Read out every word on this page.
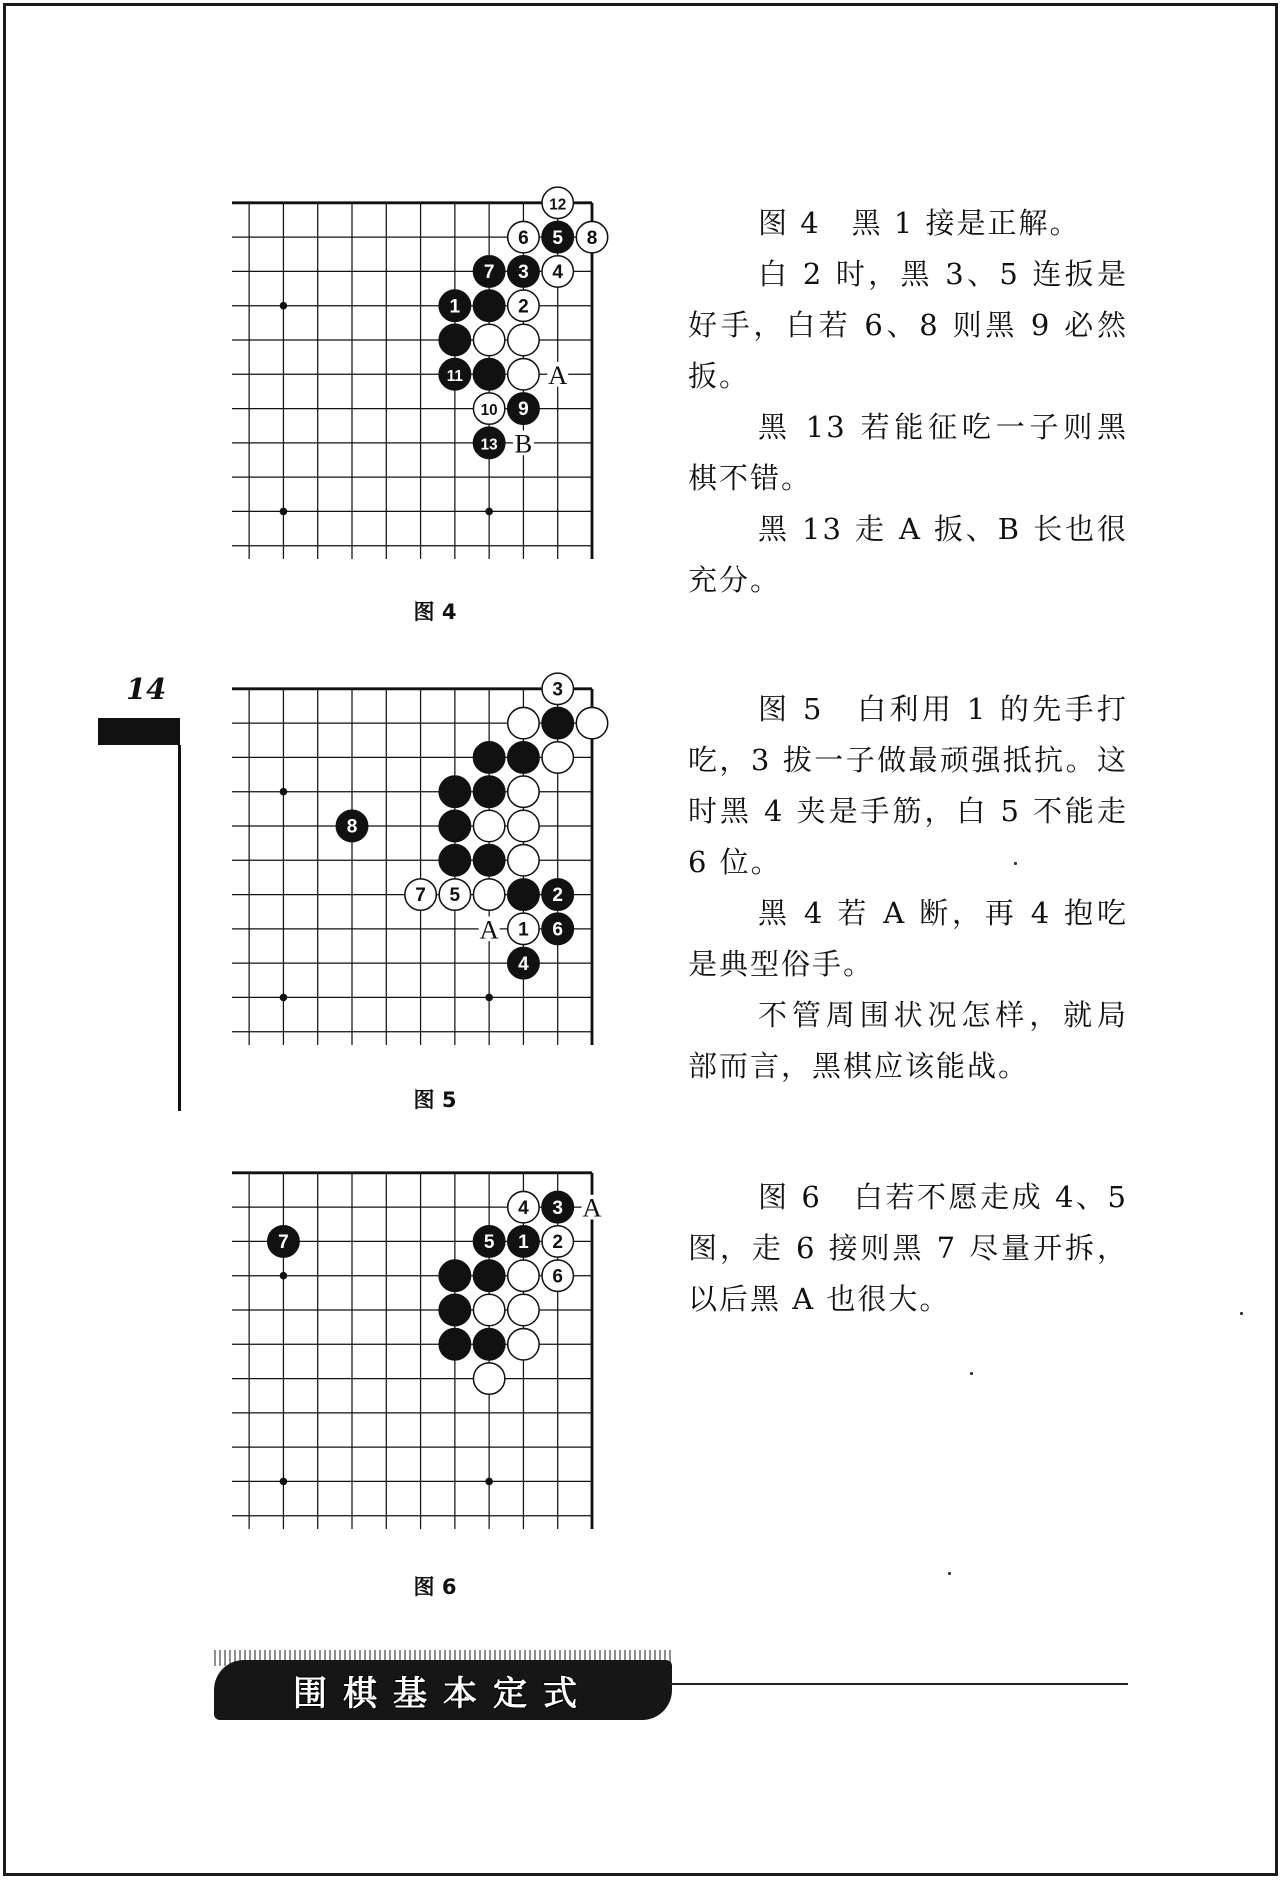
12
6 5 8
7 3 4
1	2
11
10 9
13
A
B
图 4

图 4　黑 1 接是正解。

白 2 时，黑 3、5 连扳是好手，白若 6、8 则黑 9 必然扳。

黑 13 若能征吃一子则黑棋不错。

黑 13 走 A 扳、B 长也很充分。

14	3
8
7 5	2
1 6
4
A
图 5

图 5　白利用 1 的先手打吃，3 拔一子做最顽强抵抗。这时黑 4 夹是手筋，白 5 不能走 6 位。

黑 4 若 A 断，再 4 抱吃是典型俗手。

不管周围状况怎样，就局部而言，黑棋应该能战。

4 3
7	5 1 2
6
A
图 6

图 6　白若不愿走成 4、5 图，走 6 接则黑 7 尽量开拆，以后黑 A 也很大。

围棋基本定式
